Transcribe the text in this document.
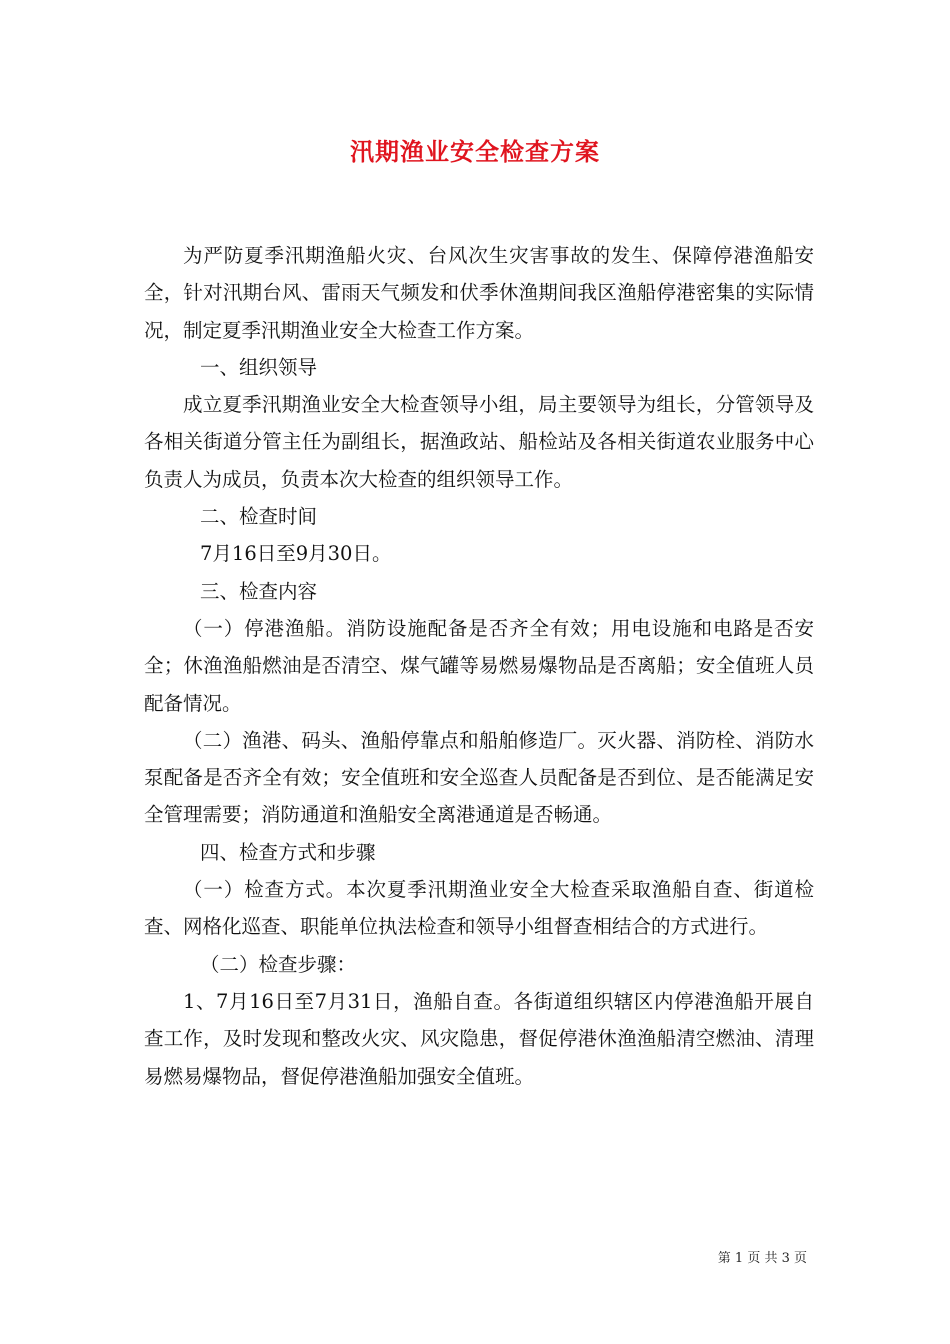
汛期渔业安全检查方案

为严防夏季汛期渔船火灾、台风次生灾害事故的发生、保障停港渔船安全，针对汛期台风、雷雨天气频发和伏季休渔期间我区渔船停港密集的实际情况，制定夏季汛期渔业安全大检查工作方案。

一、组织领导

成立夏季汛期渔业安全大检查领导小组，局主要领导为组长，分管领导及各相关街道分管主任为副组长，据渔政站、船检站及各相关街道农业服务中心负责人为成员，负责本次大检查的组织领导工作。

二、检查时间

7月16日至9月30日。

三、检查内容

（一）停港渔船。消防设施配备是否齐全有效；用电设施和电路是否安全；休渔渔船燃油是否清空、煤气罐等易燃易爆物品是否离船；安全值班人员配备情况。

（二）渔港、码头、渔船停靠点和船舶修造厂。灭火器、消防栓、消防水泵配备是否齐全有效；安全值班和安全巡查人员配备是否到位、是否能满足安全管理需要；消防通道和渔船安全离港通道是否畅通。

四、检查方式和步骤

（一）检查方式。本次夏季汛期渔业安全大检查采取渔船自查、街道检查、网格化巡查、职能单位执法检查和领导小组督查相结合的方式进行。

（二）检查步骤：

1、7月16日至7月31日，渔船自查。各街道组织辖区内停港渔船开展自查工作，及时发现和整改火灾、风灾隐患，督促停港休渔渔船清空燃油、清理易燃易爆物品，督促停港渔船加强安全值班。

第 1 页 共 3 页
